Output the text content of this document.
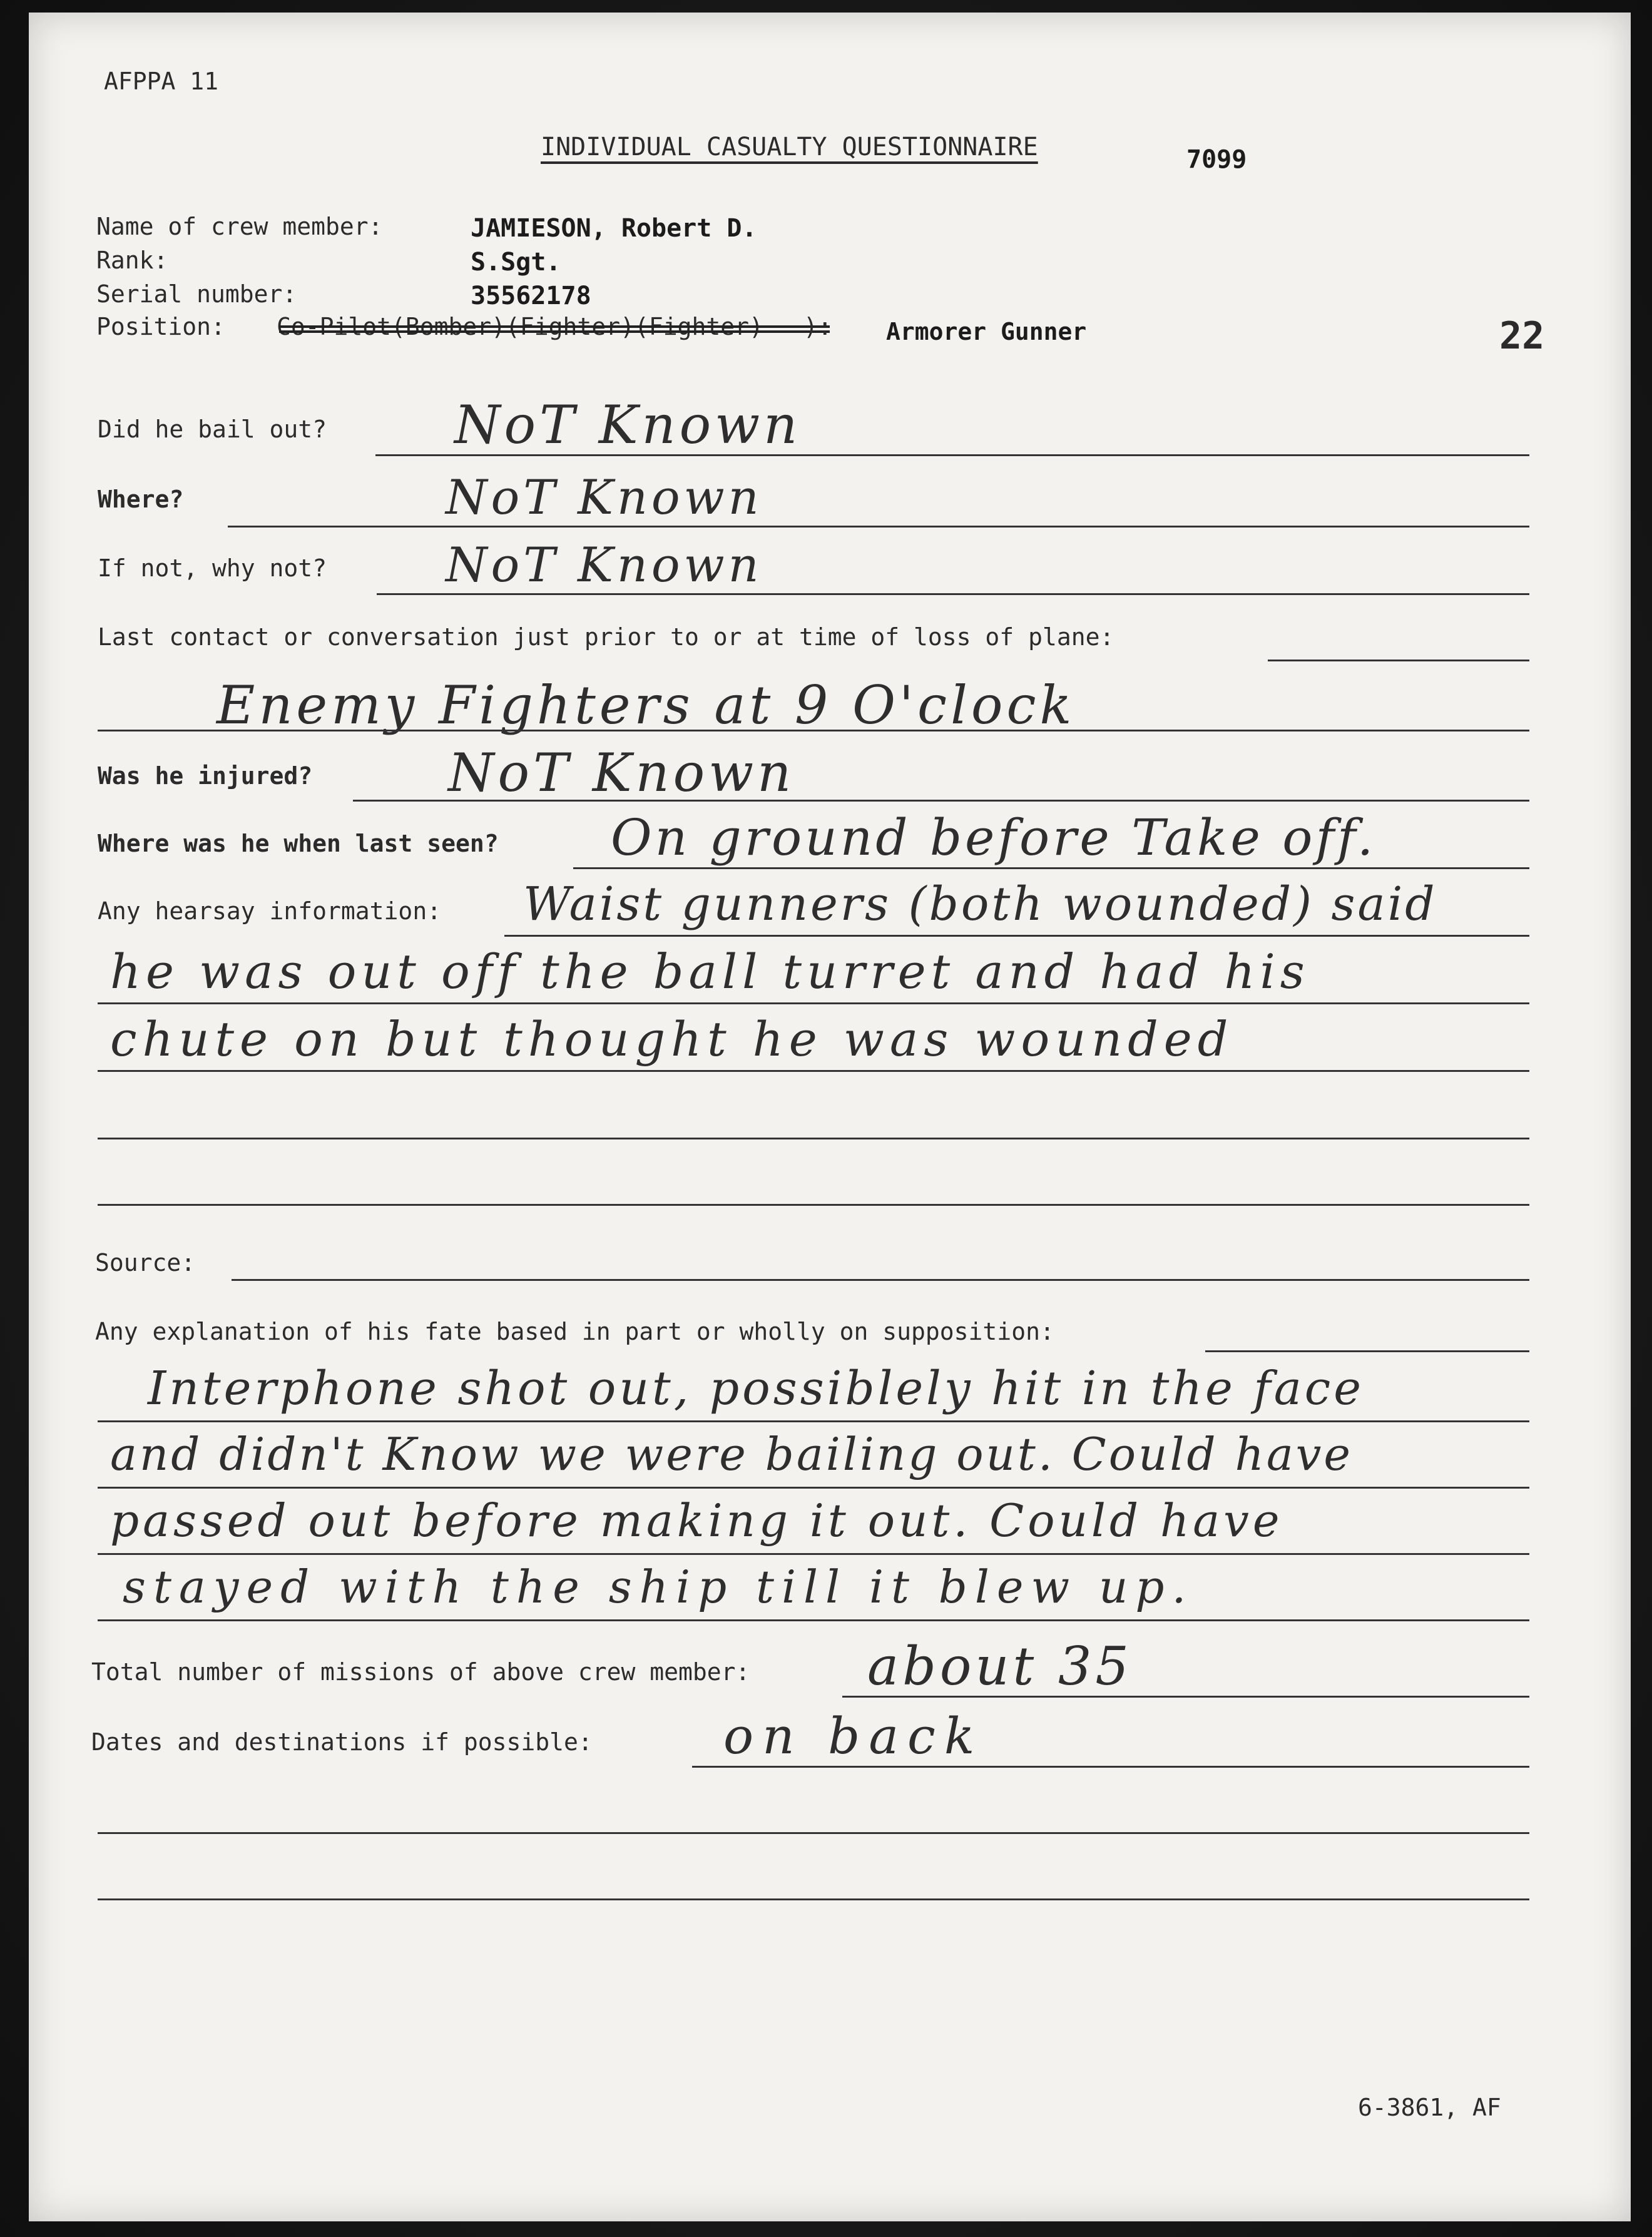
AFPPA 11
INDIVIDUAL CASUALTY QUESTIONNAIRE	7099
22
Name of crew member:	JAMIESON, Robert D.
Rank:	S.Sgt.
Serial number:	35562178
Position: Co-Pilot(Bomber)(Fighter)(Fighter) ): Armorer Gunner
Did he bail out? NoT Known
Where?	NoT Known
If not, why not? NoT Known
Last contact or conversation just prior to or at time of loss of plane:
Enemy Fighters at 9 O'clock
Was he injured?	NoT Known
Where was he when last seen? On ground before Take off.
Any hearsay information: Waist gunners (both wounded) said
he was out off the ball turret and had his
chute on but thought he was wounded
Source:
Any explanation of his fate based in part or wholly on supposition:
Interphone shot out, possiblely hit in the face
and didn't Know we were bailing out. Could have
passed out before making it out. Could have
stayed with the ship till it blew up.
Total number of missions of above crew member: about 35
Dates and destinations if possible:	on back
6-3861, AF
